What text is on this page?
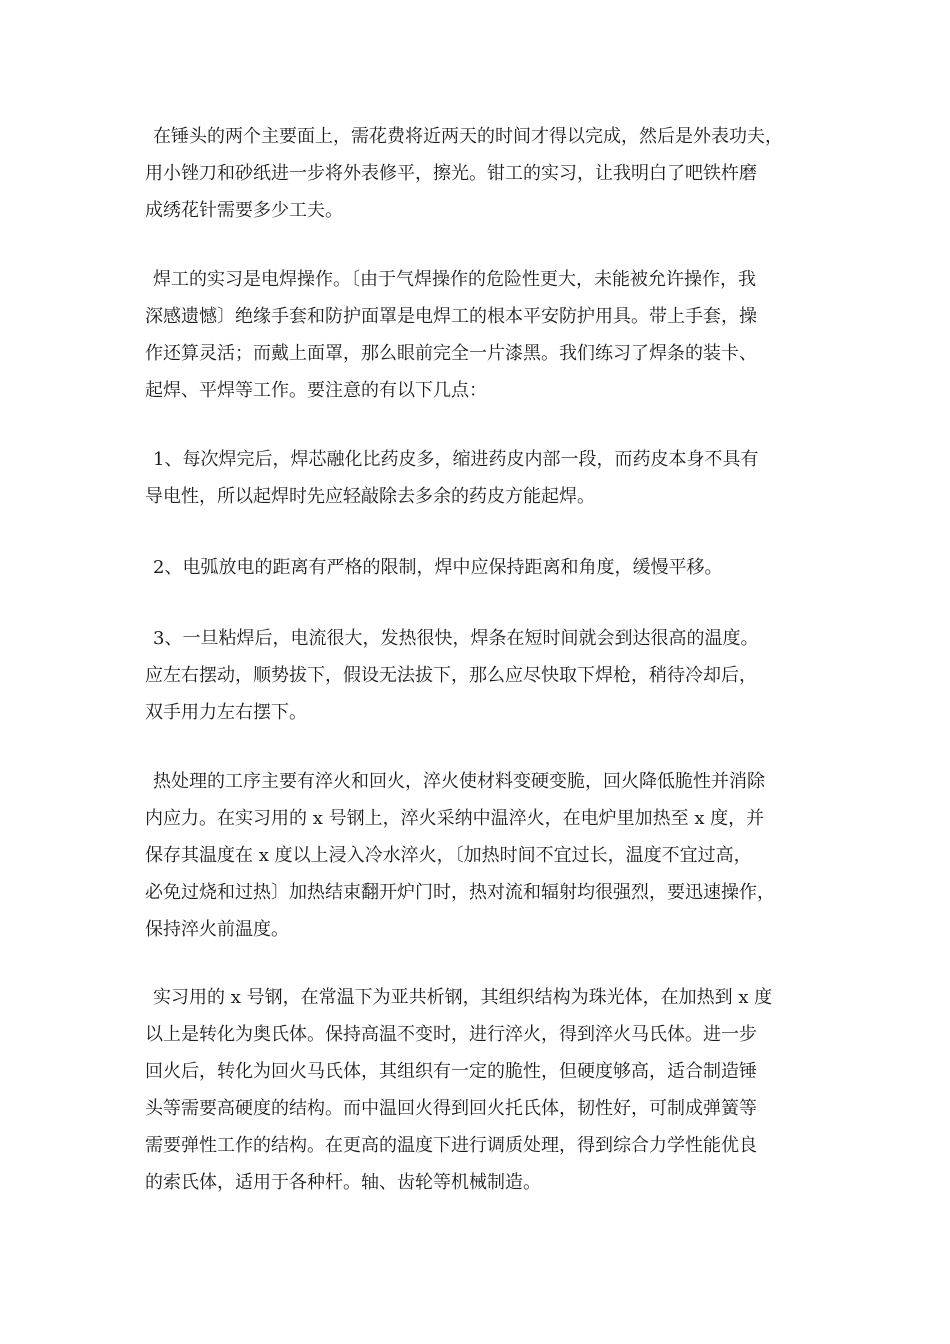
在锤头的两个主要面上，需花费将近两天的时间才得以完成，然后是外表功夫，
用小锉刀和砂纸进一步将外表修平，擦光。钳工的实习，让我明白了吧铁杵磨
成绣花针需要多少工夫。
焊工的实习是电焊操作。〔由于气焊操作的危险性更大，未能被允许操作，我
深感遗憾〕绝缘手套和防护面罩是电焊工的根本平安防护用具。带上手套，操
作还算灵活；而戴上面罩，那么眼前完全一片漆黑。我们练习了焊条的装卡、
起焊、平焊等工作。要注意的有以下几点：
1、每次焊完后，焊芯融化比药皮多，缩进药皮内部一段，而药皮本身不具有
导电性，所以起焊时先应轻敲除去多余的药皮方能起焊。
2、电弧放电的距离有严格的限制，焊中应保持距离和角度，缓慢平移。
3、一旦粘焊后，电流很大，发热很快，焊条在短时间就会到达很高的温度。
应左右摆动，顺势拔下，假设无法拔下，那么应尽快取下焊枪，稍待冷却后，
双手用力左右摆下。
热处理的工序主要有淬火和回火，淬火使材料变硬变脆，回火降低脆性并消除
内应力。在实习用的 x 号钢上，淬火采纳中温淬火，在电炉里加热至 x 度，并
保存其温度在 x 度以上浸入冷水淬火，〔加热时间不宜过长，温度不宜过高，
必免过烧和过热〕加热结束翻开炉门时，热对流和辐射均很强烈，要迅速操作，
保持淬火前温度。
实习用的 x 号钢，在常温下为亚共析钢，其组织结构为珠光体，在加热到 x 度
以上是转化为奥氏体。保持高温不变时，进行淬火，得到淬火马氏体。进一步
回火后，转化为回火马氏体，其组织有一定的脆性，但硬度够高，适合制造锤
头等需要高硬度的结构。而中温回火得到回火托氏体，韧性好，可制成弹簧等
需要弹性工作的结构。在更高的温度下进行调质处理，得到综合力学性能优良
的索氏体，适用于各种杆。轴、齿轮等机械制造。
